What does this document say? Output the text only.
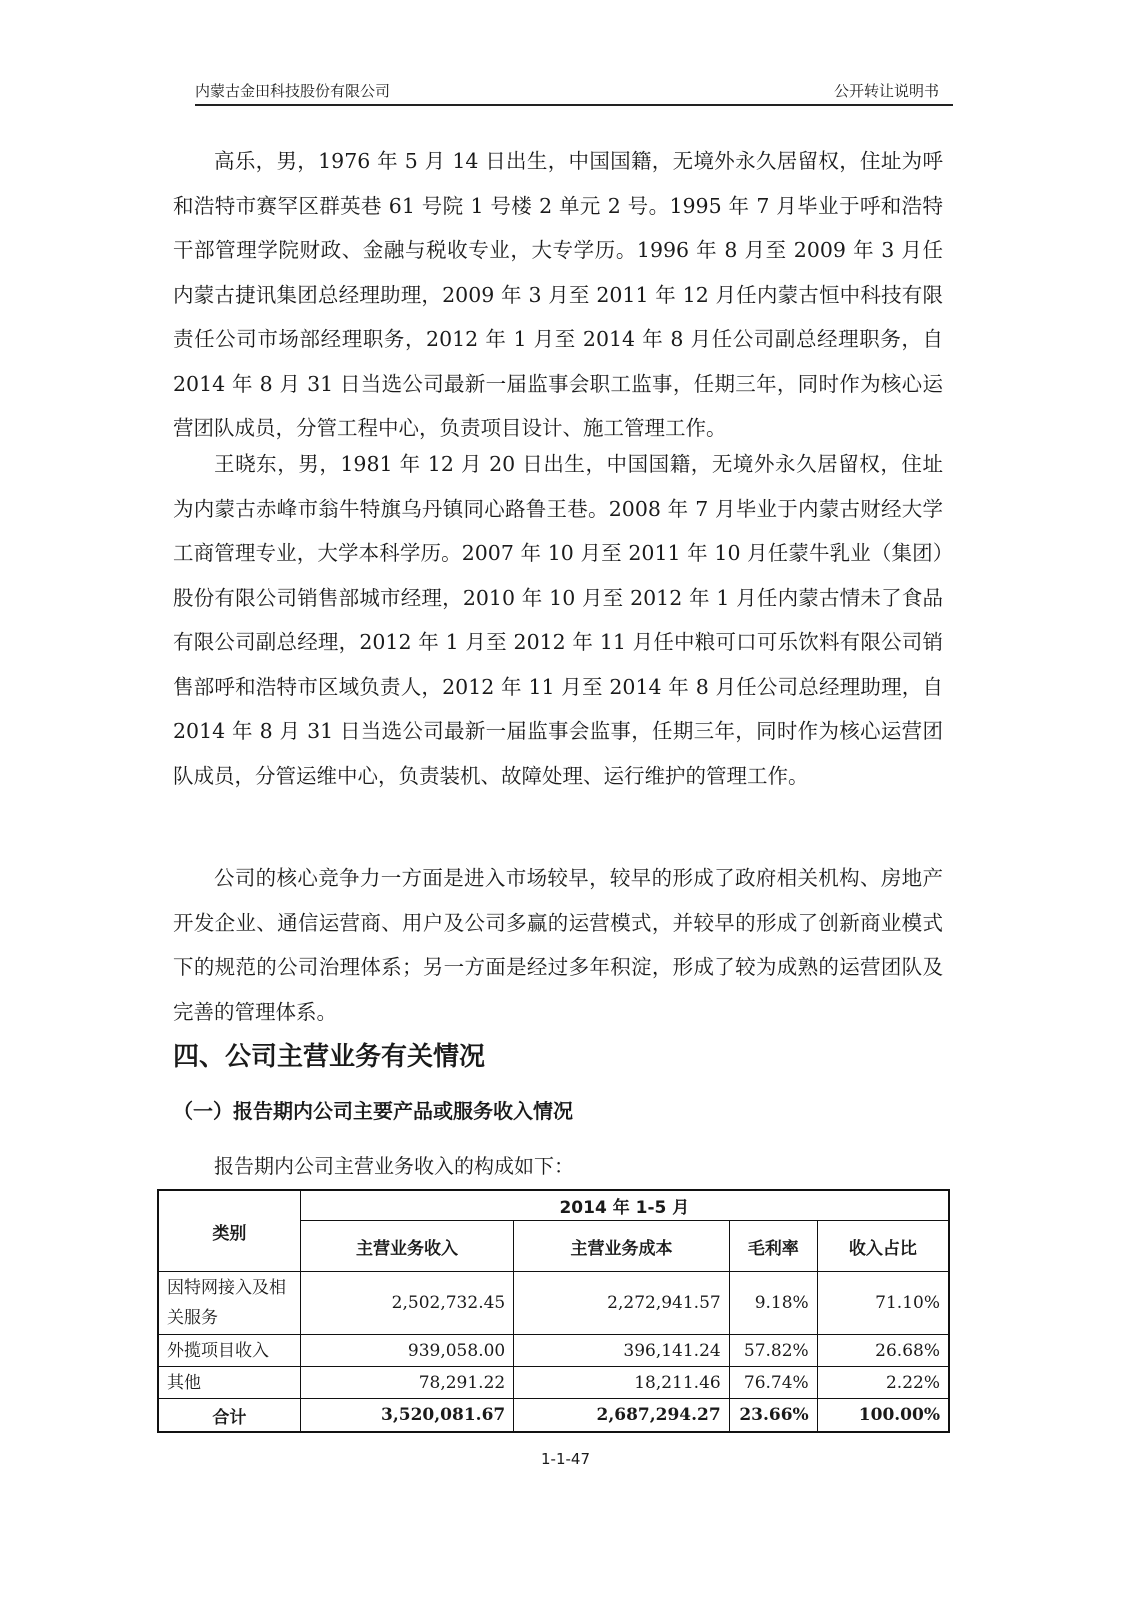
内蒙古金田科技股份有限公司	公开转让说明书

高乐，男，1976 年 5 月 14 日出生，中国国籍，无境外永久居留权，住址为呼和浩特市赛罕区群英巷 61 号院 1 号楼 2 单元 2 号。1995 年 7 月毕业于呼和浩特干部管理学院财政、金融与税收专业，大专学历。1996 年 8 月至 2009 年 3 月任内蒙古捷讯集团总经理助理，2009 年 3 月至 2011 年 12 月任内蒙古恒中科技有限责任公司市场部经理职务，2012 年 1 月至 2014 年 8 月任公司副总经理职务，自 2014 年 8 月 31 日当选公司最新一届监事会职工监事，任期三年，同时作为核心运营团队成员，分管工程中心，负责项目设计、施工管理工作。

王晓东，男，1981 年 12 月 20 日出生，中国国籍，无境外永久居留权，住址为内蒙古赤峰市翁牛特旗乌丹镇同心路鲁王巷。2008 年 7 月毕业于内蒙古财经大学工商管理专业，大学本科学历。2007 年 10 月至 2011 年 10 月任蒙牛乳业（集团）股份有限公司销售部城市经理，2010 年 10 月至 2012 年 1 月任内蒙古情未了食品有限公司副总经理，2012 年 1 月至 2012 年 11 月任中粮可口可乐饮料有限公司销售部呼和浩特市区域负责人，2012 年 11 月至 2014 年 8 月任公司总经理助理，自 2014 年 8 月 31 日当选公司最新一届监事会监事，任期三年，同时作为核心运营团队成员，分管运维中心，负责装机、故障处理、运行维护的管理工作。

公司的核心竞争力一方面是进入市场较早，较早的形成了政府相关机构、房地产开发企业、通信运营商、用户及公司多赢的运营模式，并较早的形成了创新商业模式下的规范的公司治理体系；另一方面是经过多年积淀，形成了较为成熟的运营团队及完善的管理体系。

四、公司主营业务有关情况
（一）报告期内公司主要产品或服务收入情况
报告期内公司主营业务收入的构成如下：
类别	2014 年 1-5 月			
	主营业务收入	主营业务成本	毛利率	收入占比
因特网接入及相关服务	2,502,732.45	2,272,941.57	9.18%	71.10%
外揽项目收入	939,058.00	396,141.24	57.82%	26.68%
其他	78,291.22	18,211.46	76.74%	2.22%
合计	3,520,081.67	2,687,294.27	23.66%	100.00%
1-1-47
